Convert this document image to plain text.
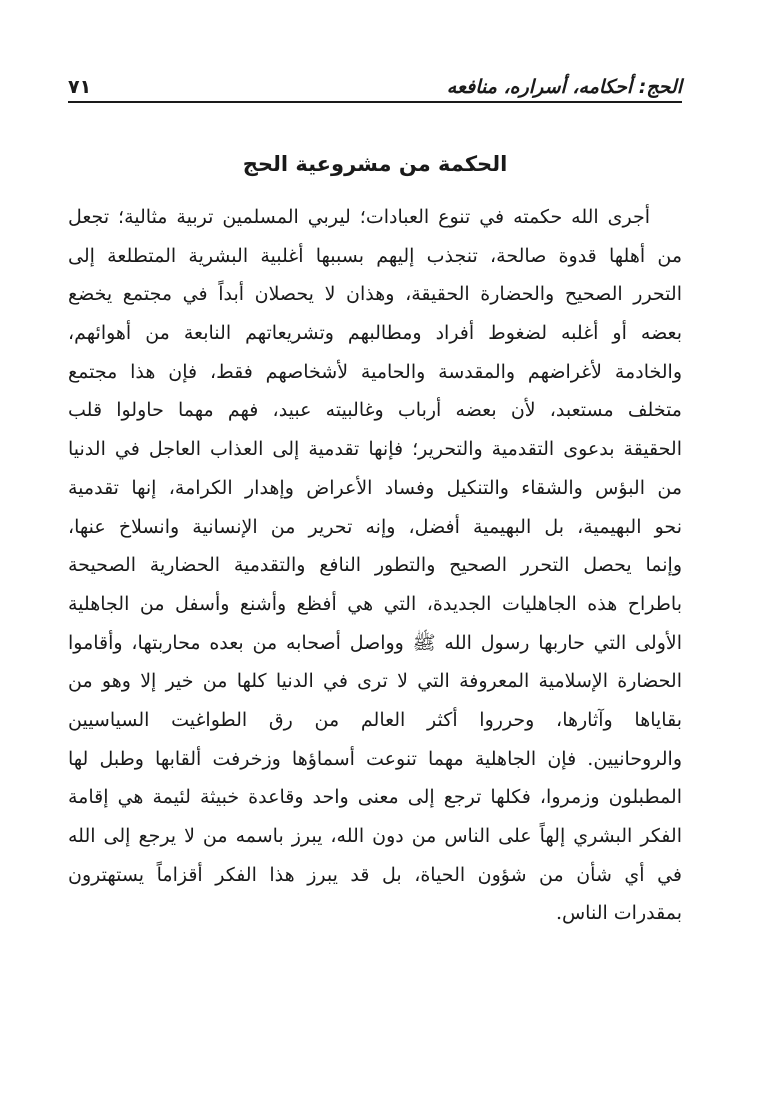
الحج: أحكامه، أسراره، منافعه
٧١
الحكمة من مشروعية الحج
أجرى الله حكمته في تنوع العبادات؛ ليربي المسلمين تربية مثالية؛ تجعل
من أهلها قدوة صالحة، تنجذب إليهم بسببها أغلبية البشرية المتطلعة إلى
التحرر الصحيح والحضارة الحقيقة، وهذان لا يحصلان أبداً في مجتمع يخضع
بعضه أو أغلبه لضغوط أفراد ومطالبهم وتشريعاتهم النابعة من أهوائهم،
والخادمة لأغراضهم والمقدسة والحامية لأشخاصهم فقط، فإن هذا مجتمع
متخلف مستعبد، لأن بعضه أرباب وغالبيته عبيد، فهم مهما حاولوا قلب
الحقيقة بدعوى التقدمية والتحرير؛ فإنها تقدمية إلى العذاب العاجل في الدنيا
من البؤس والشقاء والتنكيل وفساد الأعراض وإهدار الكرامة، إنها تقدمية
نحو البهيمية، بل البهيمية أفضل، وإنه تحرير من الإنسانية وانسلاخ عنها،
وإنما يحصل التحرر الصحيح والتطور النافع والتقدمية الحضارية الصحيحة
باطراح هذه الجاهليات الجديدة، التي هي أفظع وأشنع وأسفل من الجاهلية
الأولى التي حاربها رسول الله ﷺ وواصل أصحابه من بعده محاربتها، وأقاموا
الحضارة الإسلامية المعروفة التي لا ترى في الدنيا كلها من خير إلا وهو من
بقاياها وآثارها، وحرروا أكثر العالم من رق الطواغيت السياسيين
والروحانيين. فإن الجاهلية مهما تنوعت أسماؤها وزخرفت ألقابها وطبل لها
المطبلون وزمروا، فكلها ترجع إلى معنى واحد وقاعدة خبيثة لئيمة هي إقامة
الفكر البشري إلهاً على الناس من دون الله، يبرز باسمه من لا يرجع إلى الله
في أي شأن من شؤون الحياة، بل قد يبرز هذا الفكر أقزاماً يستهترون
بمقدرات الناس.
